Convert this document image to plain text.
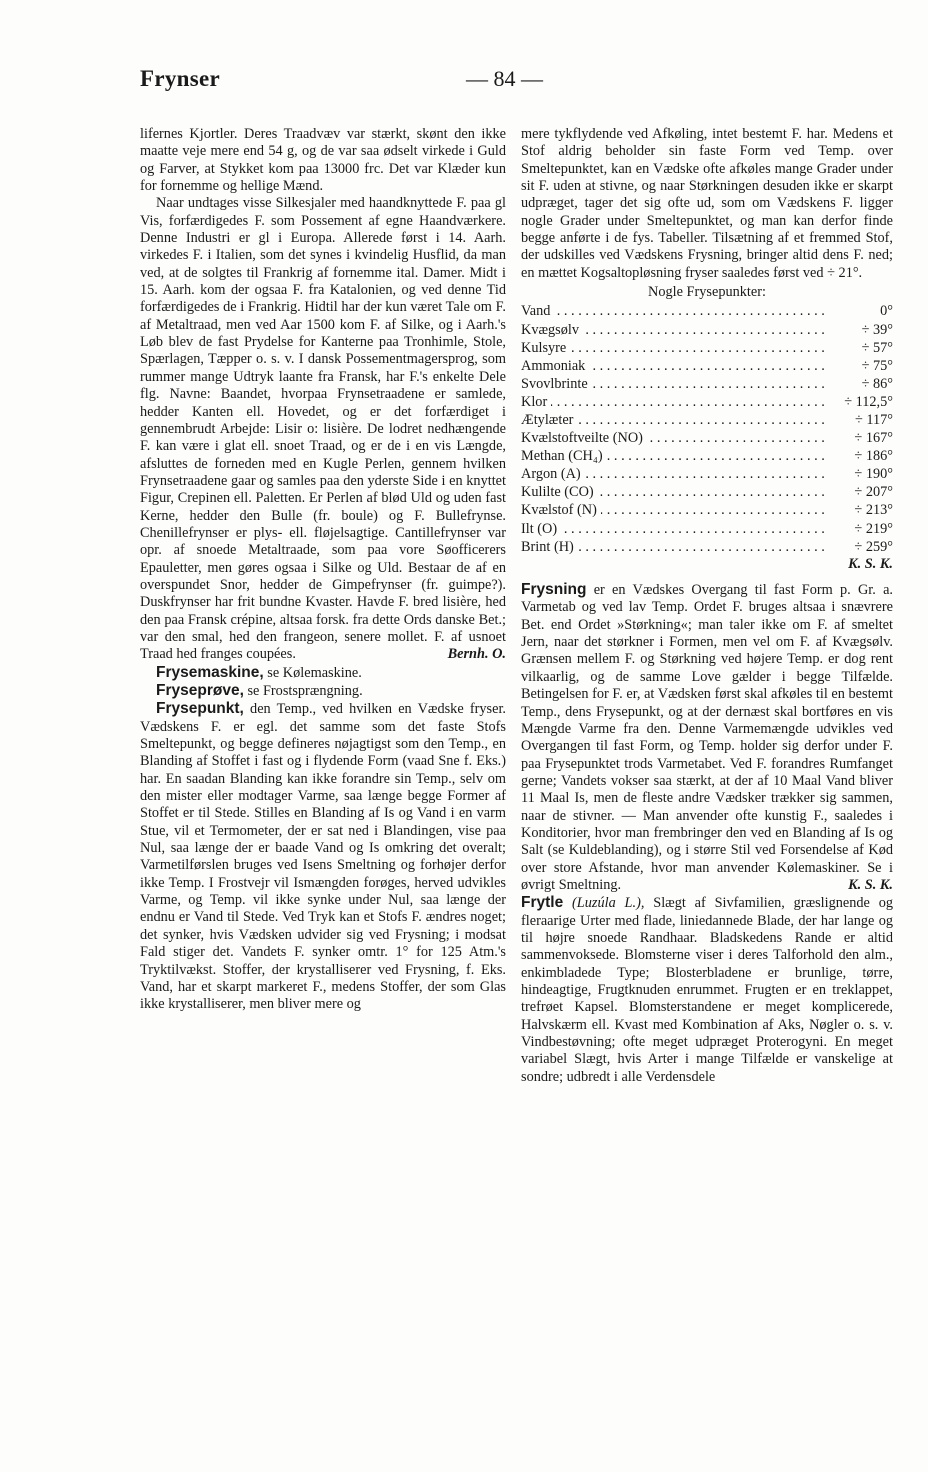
Frynser	— 84 —

lifernes Kjortler. Deres Traadvæv var stærkt, skønt den ikke maatte veje mere end 54 g, og de var saa ødselt virkede i Guld og Farver, at Stykket kom paa 13000 frc. Det var Klæder kun for fornemme og hellige Mænd.

Naar undtages visse Silkesjaler med haandknyttede F. paa gl Vis, forfærdigedes F. som Possement af egne Haandværkere. Denne Industri er gl i Europa. Allerede først i 14. Aarh. virkedes F. i Italien, som det synes i kvindelig Husflid, da man ved, at de solgtes til Frankrig af fornemme ital. Damer. Midt i 15. Aarh. kom der ogsaa F. fra Katalonien, og ved denne Tid forfærdigedes de i Frankrig. Hidtil har der kun været Tale om F. af Metaltraad, men ved Aar 1500 kom F. af Silke, og i Aarh.'s Løb blev de fast Prydelse for Kanterne paa Tronhimle, Stole, Spærlagen, Tæpper o. s. v. I dansk Possementmagersprog, som rummer mange Udtryk laante fra Fransk, har F.'s enkelte Dele flg. Navne: Baandet, hvorpaa Frynsetraadene er samlede, hedder Kanten ell. Hovedet, og er det forfærdiget i gennembrudt Arbejde: Lisir o: lisière. De lodret nedhængende F. kan være i glat ell. snoet Traad, og er de i en vis Længde, afsluttes de forneden med en Kugle Perlen, gennem hvilken Frynsetraadene gaar og samles paa den yderste Side i en knyttet Figur, Crepinen ell. Paletten. Er Perlen af blød Uld og uden fast Kerne, hedder den Bulle (fr. boule) og F. Bullefrynse. Chenillefrynser er plys- ell. fløjelsagtige. Cantillefrynser var opr. af snoede Metaltraade, som paa vore Søofficerers Epauletter, men gøres ogsaa i Silke og Uld. Bestaar de af en overspundet Snor, hedder de Gimpefrynser (fr. guimpe?). Duskfrynser har frit bundne Kvaster. Havde F. bred lisière, hed den paa Fransk crépine, altsaa forsk. fra dette Ords danske Bet.; var den smal, hed den frangeon, senere mollet. F. af usnoet Traad hed franges coupées.	Bernh. O.

Frysemaskine, se Kølemaskine.

Fryseprøve, se Frostsprængning.

Frysepunkt, den Temp., ved hvilken en Vædske fryser. Vædskens F. er egl. det samme som det faste Stofs Smeltepunkt, og begge defineres nøjagtigst som den Temp., en Blanding af Stoffet i fast og i flydende Form (vaad Sne f. Eks.) har. En saadan Blanding kan ikke forandre sin Temp., selv om den mister eller modtager Varme, saa længe begge Former af Stoffet er til Stede. Stilles en Blanding af Is og Vand i en varm Stue, vil et Termometer, der er sat ned i Blandingen, vise paa Nul, saa længe der er baade Vand og Is omkring det overalt; Varmetilførslen bruges ved Isens Smeltning og forhøjer derfor ikke Temp. I Frostvejr vil Ismængden forøges, herved udvikles Varme, og Temp. vil ikke synke under Nul, saa længe der endnu er Vand til Stede. Ved Tryk kan et Stofs F. ændres noget; det synker, hvis Vædsken udvider sig ved Frysning; i modsat Fald stiger det. Vandets F. synker omtr. 1° for 125 Atm.'s Tryktilvækst. Stoffer, der krystalliserer ved Frysning, f. Eks. Vand, har et skarpt markeret F., medens Stoffer, der som Glas ikke krystalliserer, men bliver mere og

mere tykflydende ved Afkøling, intet bestemt F. har. Medens et Stof aldrig beholder sin faste Form ved Temp. over Smeltepunktet, kan en Vædske ofte afkøles mange Grader under sit F. uden at stivne, og naar Størkningen desuden ikke er skarpt udpræget, tager det sig ofte ud, som om Vædskens F. ligger nogle Grader under Smeltepunktet, og man kan derfor finde begge anførte i de fys. Tabeller. Tilsætning af et fremmed Stof, der udskilles ved Vædskens Frysning, bringer altid dens F. ned; en mættet Kogsaltopløsning fryser saaledes først ved ÷ 21°.

Nogle Frysepunkter:
Vand . . .	0°
Kvægsølv . . .	÷ 39°
Kulsyre . . .	÷ 57°
Ammoniak . . .	÷ 75°
Svovlbrinte . . .	÷ 86°
Klor . . .	÷ 112,5°
Ætylæter . . .	÷ 117°
Kvælstoftveilte (NO) . . .	÷ 167°
Methan (CH₄) . . .	÷ 186°
Argon (A) . . .	÷ 190°
Kulilte (CO) . . .	÷ 207°
Kvælstof (N) . . .	÷ 213°
Ilt (O) . . .	÷ 219°
Brint (H) . . .	÷ 259°
K. S. K.

Frysning er en Vædskes Overgang til fast Form p. Gr. a. Varmetab og ved lav Temp. Ordet F. bruges altsaa i snævrere Bet. end Ordet »Størkning«; man taler ikke om F. af smeltet Jern, naar det størkner i Formen, men vel om F. af Kvægsølv. Grænsen mellem F. og Størkning ved højere Temp. er dog rent vilkaarlig, og de samme Love gælder i begge Tilfælde. Betingelsen for F. er, at Vædsken først skal afkøles til en bestemt Temp., dens Frysepunkt, og at der dernæst skal bortføres en vis Mængde Varme fra den. Denne Varmemængde udvikles ved Overgangen til fast Form, og Temp. holder sig derfor under F. paa Frysepunktet trods Varmetabet. Ved F. forandres Rumfanget gerne; Vandets vokser saa stærkt, at der af 10 Maal Vand bliver 11 Maal Is, men de fleste andre Vædsker trækker sig sammen, naar de stivner. — Man anvender ofte kunstig F., saaledes i Konditorier, hvor man frembringer den ved en Blanding af Is og Salt (se Kuldeblanding), og i større Stil ved Forsendelse af Kød over store Afstande, hvor man anvender Kølemaskiner. Se i øvrigt Smeltning.	K. S. K.

Frytle (Luzúla L.), Slægt af Sivfamilien, græslignende og fleraarige Urter med flade, liniedannede Blade, der har lange og til højre snoede Randhaar. Bladskedens Rande er altid sammenvoksede. Blomsterne viser i deres Talforhold den alm., enkimbladede Type; Blosterbladene er brunlige, tørre, hindeagtige, Frugtknuden enrummet. Frugten er en treklappet, trefrøet Kapsel. Blomsterstandene er meget komplicerede, Halvskærm ell. Kvast med Kombination af Aks, Nøgler o. s. v. Vindbestøvning; ofte meget udpræget Proterogyni. En meget variabel Slægt, hvis Arter i mange Tilfælde er vanskelige at sondre; udbredt i alle Verdensdele
